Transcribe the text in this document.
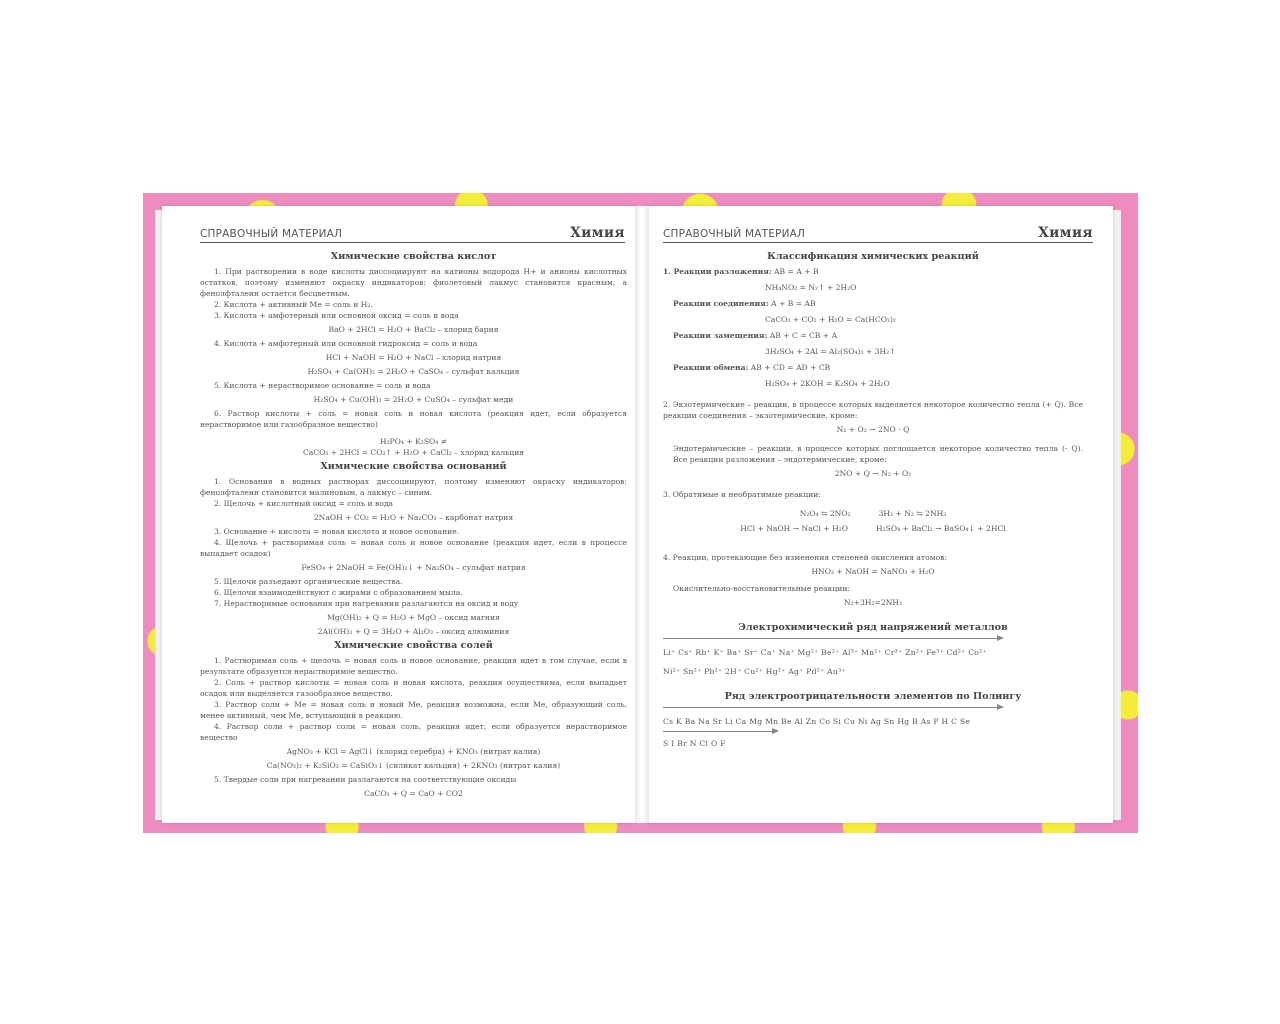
СПРАВОЧНЫЙ МАТЕРИАЛ	Химия
Химические свойства кислот

1. При растворении в воде кислоты диссоциируют на катионы водорода Н+ и анионы кислотных остатков, поэтому изменяют окраску индикаторов: фиолетовый лакмус становится красным, а фенолфталеин остается бесцветным.

2. Кислота + активный Ме = соль и Н₂.

3. Кислота + амфотерный или основной оксид = соль и вода

BaO + 2HCl = H₂O + BaCl₂ – хлорид бария

4. Кислота + амфотерный или основной гидроксид = соль и вода

HCl + NaOH = H₂O + NaCl – хлорид натрия

H₂SO₄ + Ca(OH)₂ = 2H₂O + CaSO₄ – сульфат кальция

5. Кислота + нерастворимое основание = соль и вода

H₂SO₄ + Cu(OH)₂ = 2H₂O + CuSO₄ – сульфат меди

6. Раствор кислоты + соль = новая соль и новая кислота (реакция идет, если образуется нерастворимое или газообразное вещество)

H₃PO₄ + K₂SO₄ ≠

CaCO₃ + 2HCl = CO₂↑ + H₂O + CaCl₂ – хлорид кальция

Химические свойства оснований

1. Основания в водных растворах диссоциируют, поэтому изменяют окраску индикаторов: фенолфталеин становится малиновым, а лакмус – синим.

2. Щелочь + кислотный оксид = соль и вода

2NaOH + CO₂ = H₂O + Na₂CO₃ – карбонат натрия

3. Основание + кислота = новая кислота и новое основание.

4. Щелочь + растворимая соль = новая соль и новое основание (реакция идет, если в процессе выпадает осадок)

FeSO₄ + 2NaOH = Fe(OH)₂↓ + Na₂SO₄ – сульфат натрия

5. Щелочи разъедают органические вещества.

6. Щелочи взаимодействуют с жирами с образованием мыла.

7. Нерастворимые основания при нагревании разлагаются на оксид и воду

Mg(OH)₂ + Q = H₂O + MgO – оксид магния

2Al(OH)₃ + Q = 3H₂O + Al₂O₃ – оксид алюминия

Химические свойства солей

1. Растворимая соль + щелочь = новая соль и новое основание, реакция идет в том случае, если в результате образуется нерастворимое вещество.

2. Соль + раствор кислоты = новая соль и новая кислота, реакция осуществима, если выпадает осадок или выделяется газообразное вещество.

3. Раствор соли + Ме = новая соль и новый Ме, реакция возможна, если Ме, образующий соль, менее активный, чем Ме, вступающий в реакцию.

4. Раствор соли + раствор соли = новая соль, реакция идет, если образуется нерастворимое вещество

AgNO₃ + KCl = AgCl↓ (хлорид серебра) + KNO₃ (нитрат калия)

Ca(NO₃)₂ + K₂SiO₃ = CaSiO₃↓ (силикат кальция) + 2KNO₃ (нитрат калия)

5. Твердые соли при нагревании разлагаются на соответствующие оксиды

CaCO₃ + Q = CaO + CO2

СПРАВОЧНЫЙ МАТЕРИАЛ	Химия
Классификация химических реакций

1. Реакции разложения: AB = A + B

NH₄NO₂ = N₂↑ + 2H₂O

Реакции соединения: A + B = AB

CaCO₃ + CO₂ + H₂O = Ca(HCO₃)₂

Реакции замещения: AB + C = CB + A

3H₂SO₄ + 2Al = Al₂(SO₄)₃ + 3H₂↑

Реакции обмена: AB + CD = AD + CB

H₂SO₄ + 2KOH = K₂SO₄ + 2H₂O

2. Экзотермические – реакции, в процессе которых выделяется некоторое количество тепла (+ Q). Все реакции соединения – экзотермические, кроме:

N₂ + O₂ → 2NO - Q

Эндотермические – реакции, в процессе которых поглощается некоторое количество тепла (- Q). Все реакции разложения – эндотермические, кроме:

2NO + Q → N₂ + O₂

3. Обратимые и необратимые реакции:

N₂O₄ ⇆ 2NO₂	3H₂ + N₂ ⇆ 2NH₃
HCl + NaOH → NaCl + H₂O	H₂SO₄ + BaCl₂ → BaSO₄↓ + 2HCl

4. Реакции, протекающие без изменения степеней окисления атомов:

HNO₃ + NaOH = NaNO₃ + H₂O

Окислительно-восстановительные реакции:

N₂+3H₂=2NH₃

Электрохимический ряд напряжений металлов
Li⁺ Cs⁺ Rb⁺ K⁺ Ba⁺ Sr⁺ Ca⁺ Na⁺ Mg²⁺ Be²⁺ Al³⁺ Mn²⁺ Cr³⁺ Zn²⁺ Fe³⁺ Cd²⁺ Co²⁺
Ni²⁺ Sn²⁺ Pb²⁺ 2H⁺ Cu²⁺ Hg²⁺ Ag⁺ Pd²⁺ Au³⁺
Ряд электроотрицательности элементов по Полингу
Cs K Ba Na Sr Li Ca Mg Mn Be Al Zn Co Si Cu Ni Ag Sn Hg B As P H C Se
S I Br N Cl O F
